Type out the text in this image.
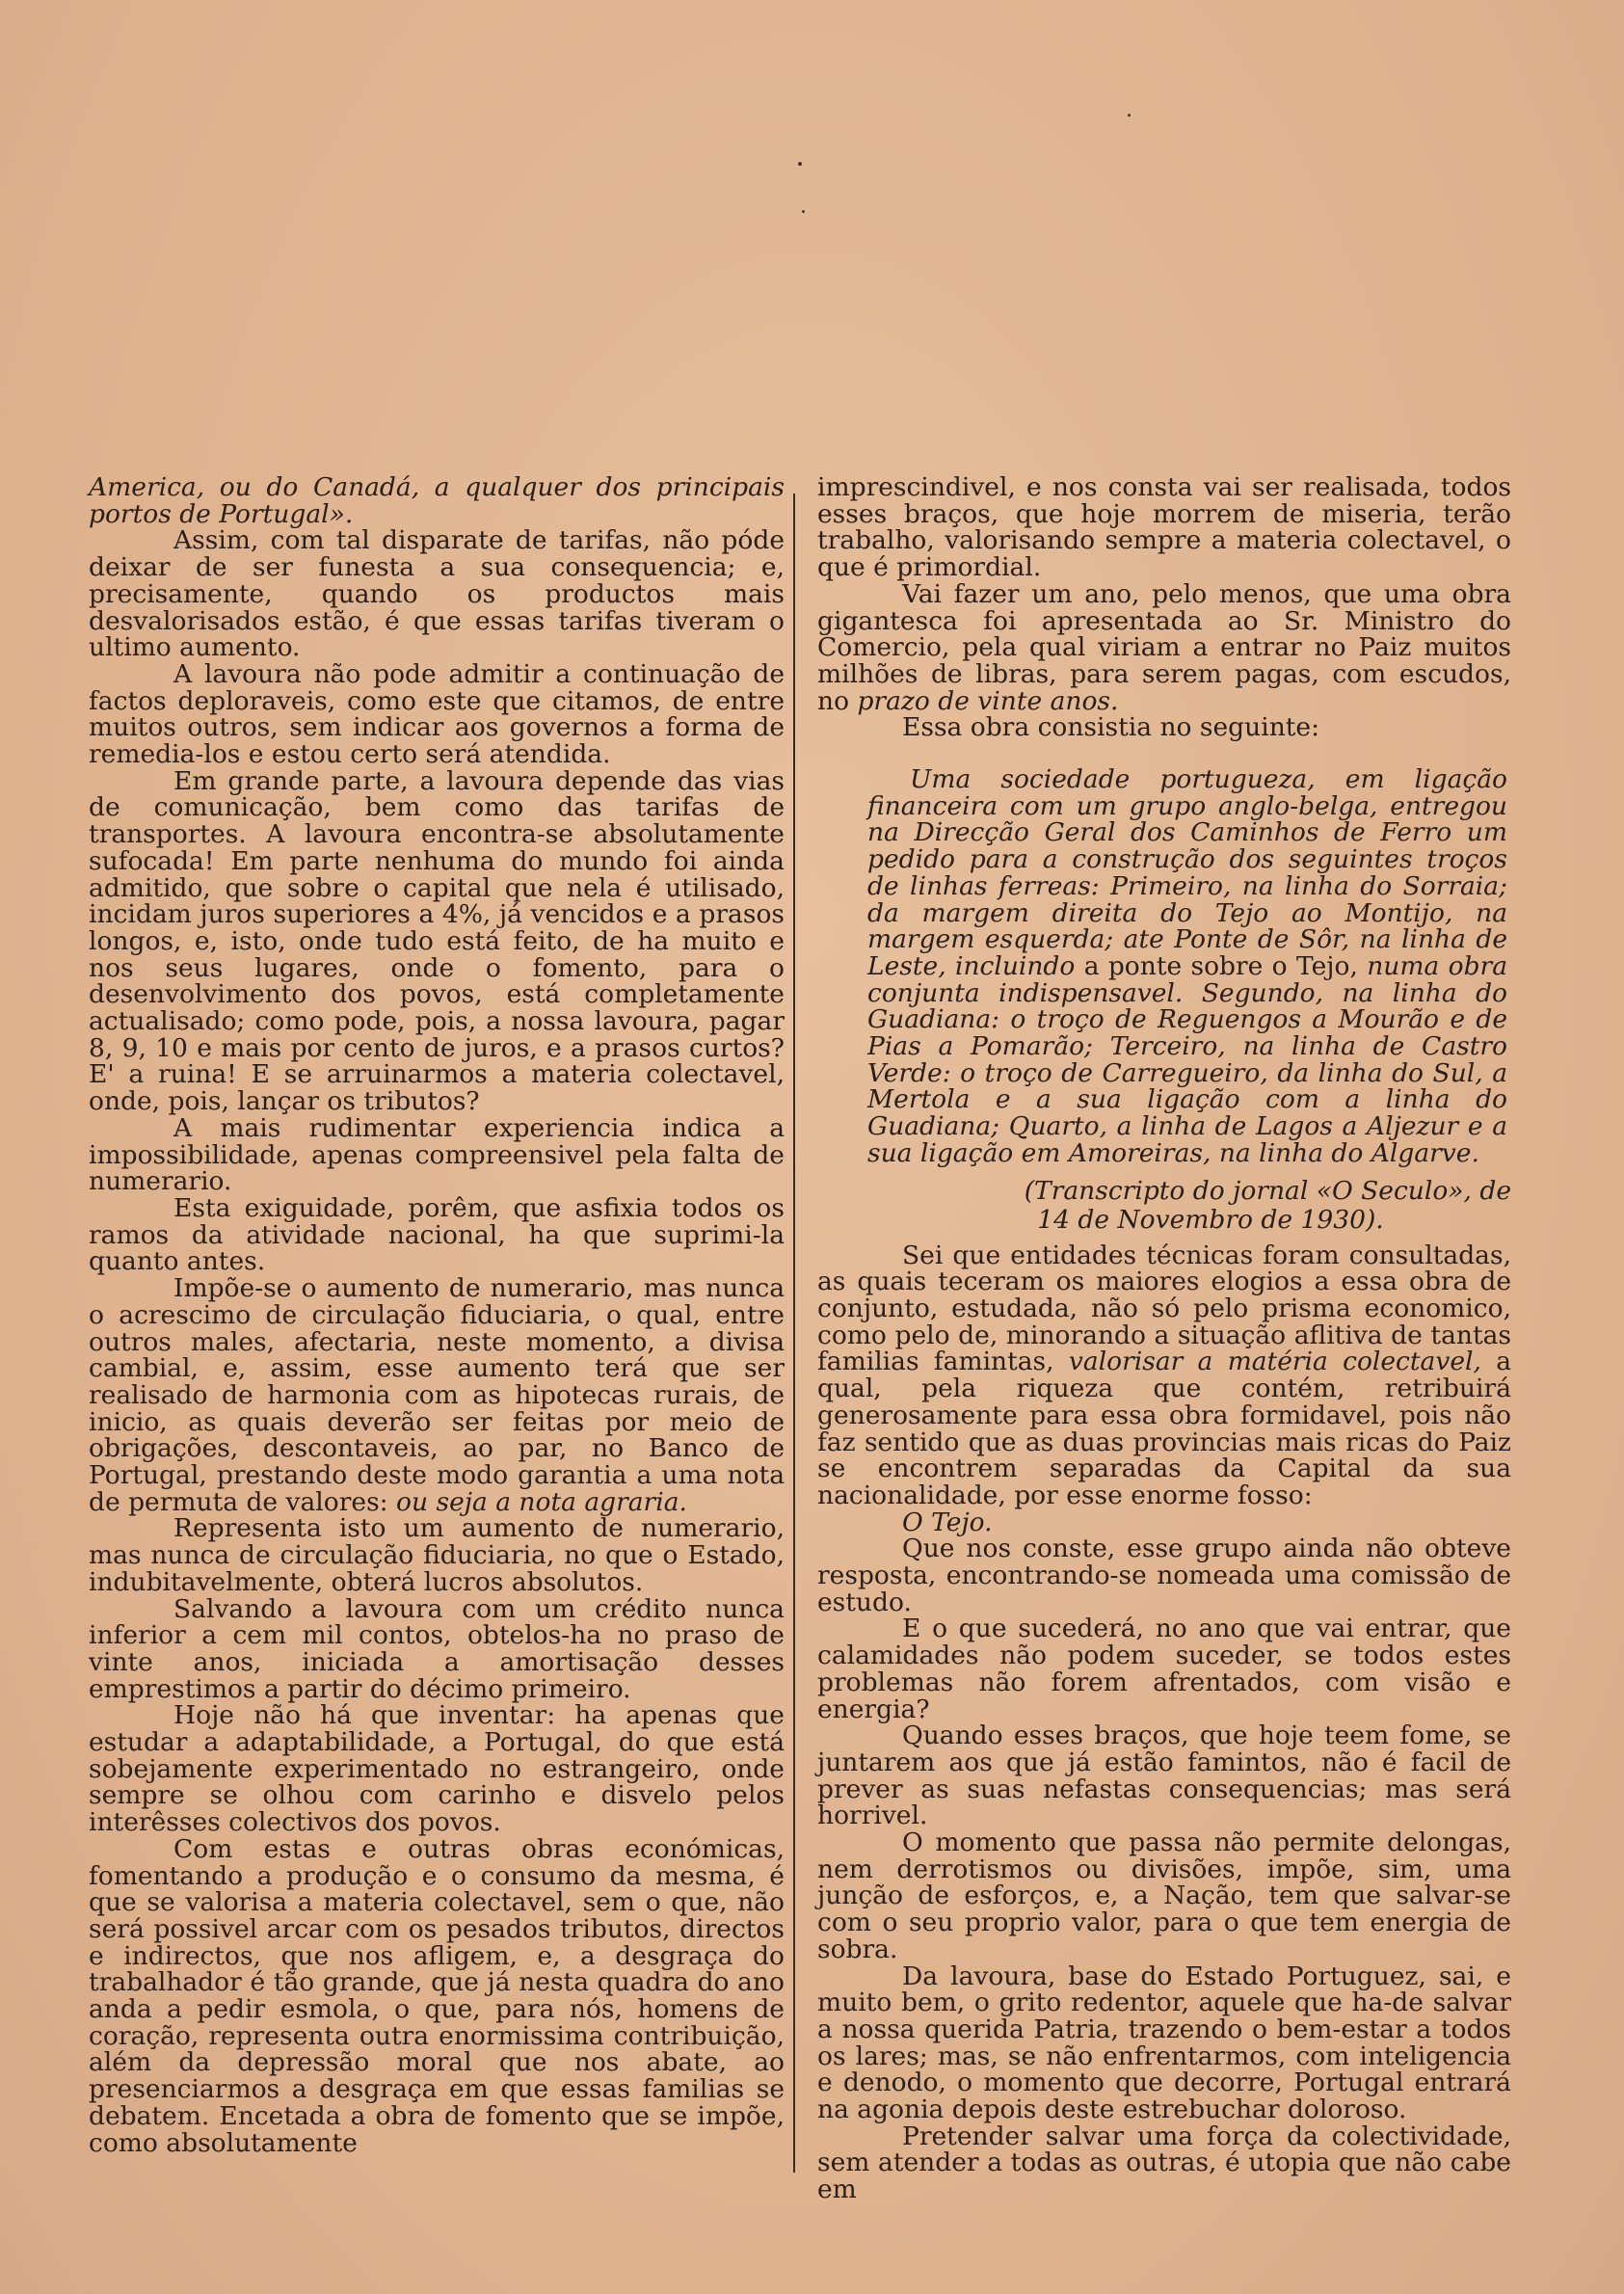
America, ou do Canadá, a qualquer dos principais portos de Portugal».

Assim, com tal disparate de tarifas, não póde deixar de ser funesta a sua consequencia; e, precisamente, quando os productos mais desvalorisados estão, é que essas tarifas tiveram o ultimo aumento.

A lavoura não pode admitir a continuação de factos deploraveis, como este que citamos, de entre muitos outros, sem indicar aos governos a forma de remedia-los e estou certo será atendida.

Em grande parte, a lavoura depende das vias de comunicação, bem como das tarifas de transportes. A lavoura encontra-se absolutamente sufocada! Em parte nenhuma do mundo foi ainda admitido, que sobre o capital que nela é utilisado, incidam juros superiores a 4%, já vencidos e a prasos longos, e, isto, onde tudo está feito, de ha muito e nos seus lugares, onde o fomento, para o desenvolvimento dos povos, está completamente actualisado; como pode, pois, a nossa lavoura, pagar 8, 9, 10 e mais por cento de juros, e a prasos curtos? E' a ruina! E se arruinarmos a materia colectavel, onde, pois, lançar os tributos?

A mais rudimentar experiencia indica a impossibilidade, apenas compreensivel pela falta de numerario.

Esta exiguidade, porêm, que asfixia todos os ramos da atividade nacional, ha que suprimi-la quanto antes.

Impõe-se o aumento de numerario, mas nunca o acrescimo de circulação fiduciaria, o qual, entre outros males, afectaria, neste momento, a divisa cambial, e, assim, esse aumento terá que ser realisado de harmonia com as hipotecas rurais, de inicio, as quais deverão ser feitas por meio de obrigações, descontaveis, ao par, no Banco de Portugal, prestando deste modo garantia a uma nota de permuta de valores: ou seja a nota agraria.

Representa isto um aumento de numerario, mas nunca de circulação fiduciaria, no que o Estado, indubitavelmente, obterá lucros absolutos.

Salvando a lavoura com um crédito nunca inferior a cem mil contos, obtelos-ha no praso de vinte anos, iniciada a amortisação desses emprestimos a partir do décimo primeiro.

Hoje não há que inventar: ha apenas que estudar a adaptabilidade, a Portugal, do que está sobejamente experimentado no estrangeiro, onde sempre se olhou com carinho e disvelo pelos interêsses colectivos dos povos.

Com estas e outras obras económicas, fomentando a produção e o consumo da mesma, é que se valorisa a materia colectavel, sem o que, não será possivel arcar com os pesados tributos, directos e indirectos, que nos afligem, e, a desgraça do trabalhador é tão grande, que já nesta quadra do ano anda a pedir esmola, o que, para nós, homens de coração, representa outra enormissima contribuição, além da depressão moral que nos abate, ao presenciarmos a desgraça em que essas familias se debatem. Encetada a obra de fomento que se impõe, como absolutamente

imprescindivel, e nos consta vai ser realisada, todos esses braços, que hoje morrem de miseria, terão trabalho, valorisando sempre a materia colectavel, o que é primordial.

Vai fazer um ano, pelo menos, que uma obra gigantesca foi apresentada ao Sr. Ministro do Comercio, pela qual viriam a entrar no Paiz muitos milhões de libras, para serem pagas, com escudos, no prazo de vinte anos.

Essa obra consistia no seguinte:

Uma sociedade portugueza, em ligação financeira com um grupo anglo-belga, entregou na Direcção Geral dos Caminhos de Ferro um pedido para a construção dos seguintes troços de linhas ferreas: Primeiro, na linha do Sorraia; da margem direita do Tejo ao Montijo, na margem esquerda; ate Ponte de Sôr, na linha de Leste, incluindo a ponte sobre o Tejo, numa obra conjunta indispensavel. Segundo, na linha do Guadiana: o troço de Reguengos a Mourão e de Pias a Pomarão; Terceiro, na linha de Castro Verde: o troço de Carregueiro, da linha do Sul, a Mertola e a sua ligação com a linha do Guadiana; Quarto, a linha de Lagos a Aljezur e a sua ligação em Amoreiras, na linha do Algarve.
(Transcripto do jornal «O Seculo», de
14 de Novembro de 1930).

Sei que entidades técnicas foram consultadas, as quais teceram os maiores elogios a essa obra de conjunto, estudada, não só pelo prisma economico, como pelo de, minorando a situação aflitiva de tantas familias famintas, valorisar a matéria colectavel, a qual, pela riqueza que contém, retribuirá generosamente para essa obra formidavel, pois não faz sentido que as duas provincias mais ricas do Paiz se encontrem separadas da Capital da sua nacionalidade, por esse enorme fosso:

O Tejo.

Que nos conste, esse grupo ainda não obteve resposta, encontrando-se nomeada uma comissão de estudo.

E o que sucederá, no ano que vai entrar, que calamidades não podem suceder, se todos estes problemas não forem afrentados, com visão e energia?

Quando esses braços, que hoje teem fome, se juntarem aos que já estão famintos, não é facil de prever as suas nefastas consequencias; mas será horrivel.

O momento que passa não permite delongas, nem derrotismos ou divisões, impõe, sim, uma junção de esforços, e, a Nação, tem que salvar-se com o seu proprio valor, para o que tem energia de sobra.

Da lavoura, base do Estado Portuguez, sai, e muito bem, o grito redentor, aquele que ha-de salvar a nossa querida Patria, trazendo o bem-estar a todos os lares; mas, se não enfrentarmos, com inteligencia e denodo, o momento que decorre, Portugal entrará na agonia depois deste estrebuchar doloroso.

Pretender salvar uma força da colectividade, sem atender a todas as outras, é utopia que não cabe em
